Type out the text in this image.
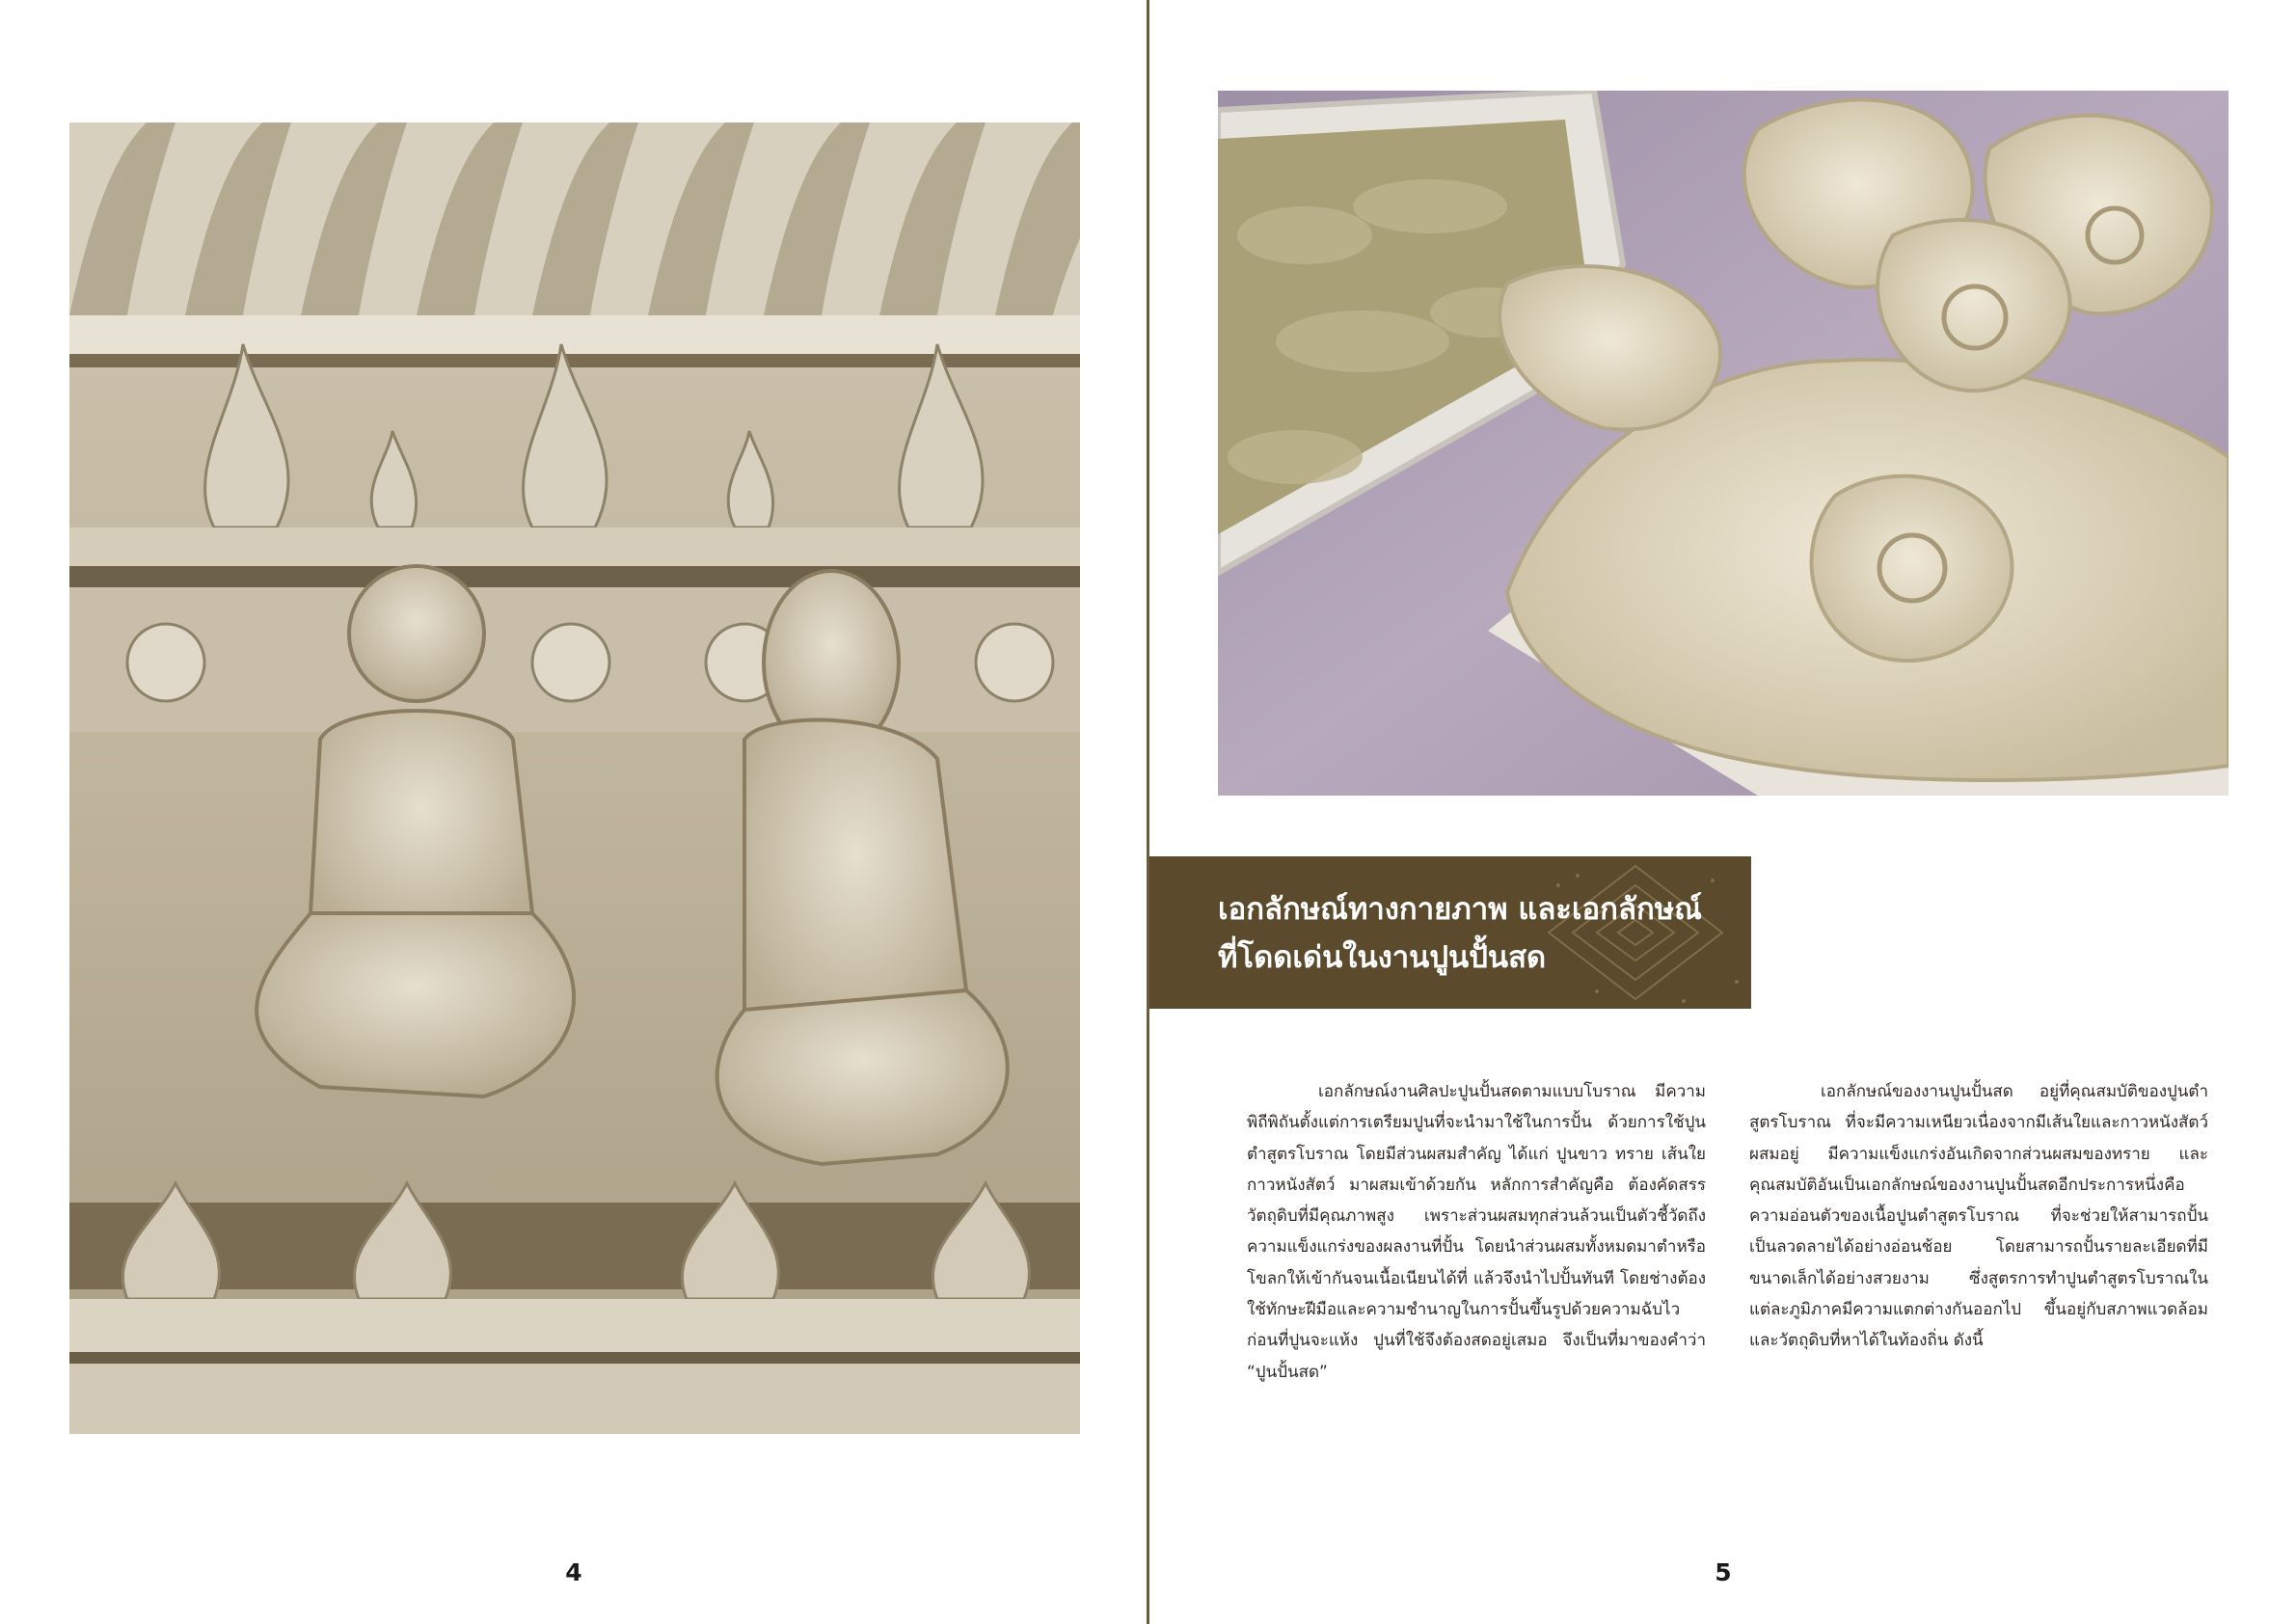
4
เอกลักษณ์ทางกายภาพ และเอกลักษณ์
ที่โดดเด่นในงานปูนปั้นสด

เอกลักษณ์งานศิลปะปูนปั้นสดตามแบบโบราณ มีความพิถีพิถันตั้งแต่การเตรียมปูนที่จะนำมาใช้ในการปั้น ด้วยการใช้ปูนตำสูตรโบราณ โดยมีส่วนผสมสำคัญ ได้แก่ ปูนขาว ทราย เส้นใย กาวหนังสัตว์ มาผสมเข้าด้วยกัน หลักการสำคัญคือ ต้องคัดสรรวัตถุดิบที่มีคุณภาพสูง เพราะส่วนผสมทุกส่วนล้วนเป็นตัวชี้วัดถึงความแข็งแกร่งของผลงานที่ปั้น โดยนำส่วนผสมทั้งหมดมาตำหรือโขลกให้เข้ากันจนเนื้อเนียนได้ที่ แล้วจึงนำไปปั้นทันที โดยช่างต้องใช้ทักษะฝีมือและความชำนาญในการปั้นขึ้นรูปด้วยความฉับไวก่อนที่ปูนจะแห้ง ปูนที่ใช้จึงต้องสดอยู่เสมอ จึงเป็นที่มาของคำว่า “ปูนปั้นสด”

เอกลักษณ์ของงานปูนปั้นสด อยู่ที่คุณสมบัติของปูนตำสูตรโบราณ ที่จะมีความเหนียวเนื่องจากมีเส้นใยและกาวหนังสัตว์ผสมอยู่ มีความแข็งแกร่งอันเกิดจากส่วนผสมของทราย และคุณสมบัติอันเป็นเอกลักษณ์ของงานปูนปั้นสดอีกประการหนึ่งคือ ความอ่อนตัวของเนื้อปูนตำสูตรโบราณ ที่จะช่วยให้สามารถปั้นเป็นลวดลายได้อย่างอ่อนช้อย โดยสามารถปั้นรายละเอียดที่มีขนาดเล็กได้อย่างสวยงาม ซึ่งสูตรการทำปูนตำสูตรโบราณในแต่ละภูมิภาคมีความแตกต่างกันออกไป ขึ้นอยู่กับสภาพแวดล้อมและวัตถุดิบที่หาได้ในท้องถิ่น ดังนี้

5
